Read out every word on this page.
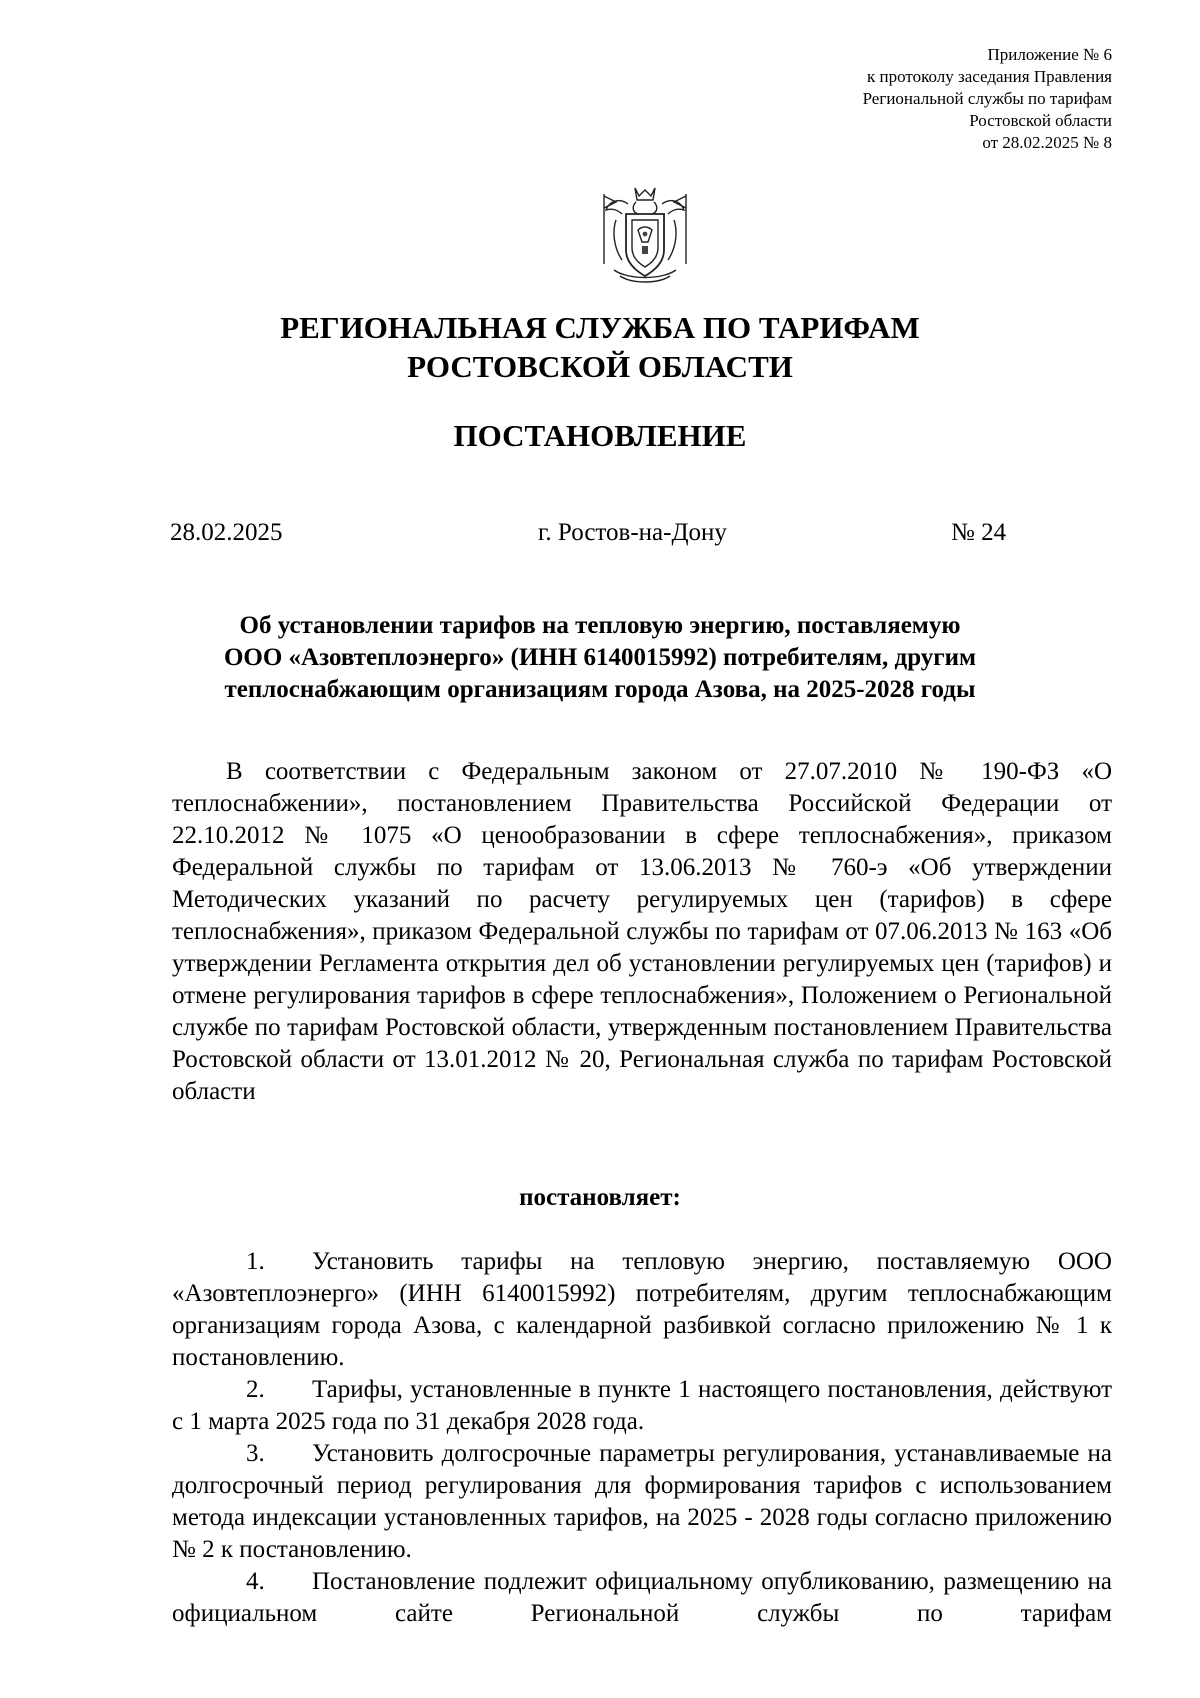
Приложение № 6
к протоколу заседания Правления
Региональной службы по тарифам
Ростовской области
от 28.02.2025 № 8
РЕГИОНАЛЬНАЯ СЛУЖБА ПО ТАРИФАМ
РОСТОВСКОЙ ОБЛАСТИ
ПОСТАНОВЛЕНИЕ
28.02.2025	г. Ростов-на-Дону	№ 24
Об установлении тарифов на тепловую энергию, поставляемую
ООО «Азовтеплоэнерго» (ИНН 6140015992) потребителям, другим
теплоснабжающим организациям города Азова, на 2025-2028 годы

В соответствии с Федеральным законом от 27.07.2010 № 190-ФЗ «О теплоснабжении», постановлением Правительства Российской Федерации от 22.10.2012 № 1075 «О ценообразовании в сфере теплоснабжения», приказом Федеральной службы по тарифам от 13.06.2013 № 760-э «Об утверждении Методических указаний по расчету регулируемых цен (тарифов) в сфере теплоснабжения», приказом Федеральной службы по тарифам от 07.06.2013 № 163 «Об утверждении Регламента открытия дел об установлении регулируемых цен (тарифов) и отмене регулирования тарифов в сфере теплоснабжения», Положением о Региональной службе по тарифам Ростовской области, утвержденным постановлением Правительства Ростовской области от 13.01.2012 № 20, Региональная служба по тарифам Ростовской области

постановляет:

1. Установить тарифы на тепловую энергию, поставляемую ООО «Азовтеплоэнерго» (ИНН 6140015992) потребителям, другим теплоснабжающим организациям города Азова, с календарной разбивкой согласно приложению № 1 к постановлению.

2. Тарифы, установленные в пункте 1 настоящего постановления, действуют с 1 марта 2025 года по 31 декабря 2028 года.

3. Установить долгосрочные параметры регулирования, устанавливаемые на долгосрочный период регулирования для формирования тарифов с использованием метода индексации установленных тарифов, на 2025 - 2028 годы согласно приложению № 2 к постановлению.

4. Постановление подлежит официальному опубликованию, размещению на официальном сайте Региональной службы по тарифам
